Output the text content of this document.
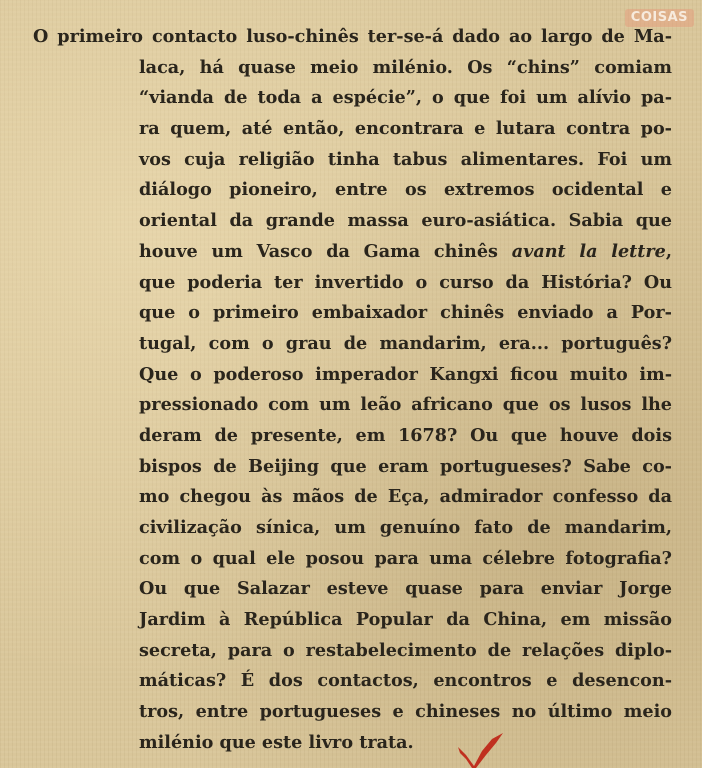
COISAS
O primeiro contacto luso-chinês ter-se-á dado ao largo de Ma-
laca, há quase meio milénio. Os “chins” comiam
“vianda de toda a espécie”, o que foi um alívio pa-
ra quem, até então, encontrara e lutara contra po-
vos cuja religião tinha tabus alimentares. Foi um
diálogo pioneiro, entre os extremos ocidental e
oriental da grande massa euro-asiática. Sabia que
houve um Vasco da Gama chinês avant la lettre,
que poderia ter invertido o curso da História? Ou
que o primeiro embaixador chinês enviado a Por-
tugal, com o grau de mandarim, era... português?
Que o poderoso imperador Kangxi ficou muito im-
pressionado com um leão africano que os lusos lhe
deram de presente, em 1678? Ou que houve dois
bispos de Beijing que eram portugueses? Sabe co-
mo chegou às mãos de Eça, admirador confesso da
civilização sínica, um genuíno fato de mandarim,
com o qual ele posou para uma célebre fotografia?
Ou que Salazar esteve quase para enviar Jorge
Jardim à República Popular da China, em missão
secreta, para o restabelecimento de relações diplo-
máticas? É dos contactos, encontros e desencon-
tros, entre portugueses e chineses no último meio
milénio que este livro trata.
